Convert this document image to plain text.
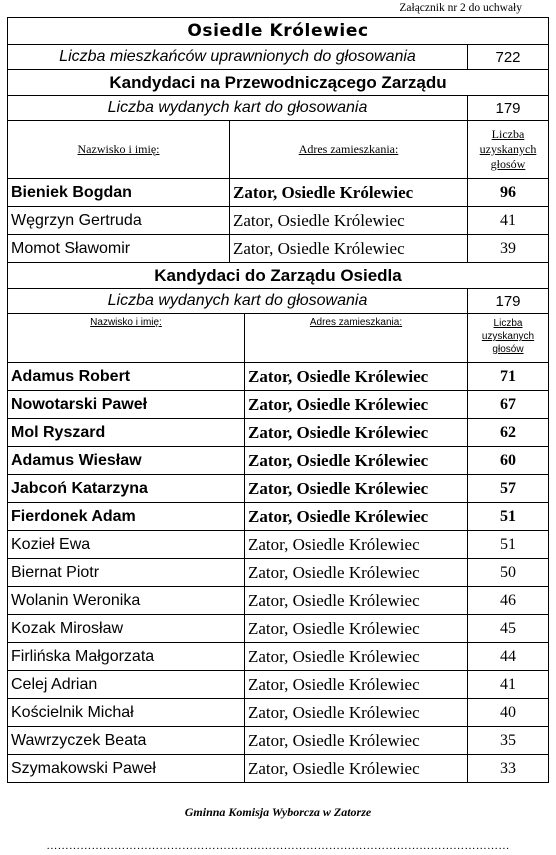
Załącznik nr 2 do uchwały
Osiedle Królewiec			
Liczba mieszkańców uprawnionych do głosowania			722
Kandydaci na Przewodniczącego Zarządu			
Liczba wydanych kart do głosowania			179
Nazwisko i imię:	Adres zamieszkania:		Liczba uzyskanych głosów
Bieniek Bogdan	Zator, Osiedle Królewiec		96
Węgrzyn Gertruda	Zator, Osiedle Królewiec		41
Momot Sławomir	Zator, Osiedle Królewiec		39
Kandydaci do Zarządu Osiedla			
Liczba wydanych kart do głosowania			179
Nazwisko i imię:		Adres zamieszkania:	Liczba uzyskanych głosów
Adamus Robert		Zator, Osiedle Królewiec	71
Nowotarski Paweł		Zator, Osiedle Królewiec	67
Mol Ryszard		Zator, Osiedle Królewiec	62
Adamus Wiesław		Zator, Osiedle Królewiec	60
Jabcoń Katarzyna		Zator, Osiedle Królewiec	57
Fierdonek Adam		Zator, Osiedle Królewiec	51
Kozieł Ewa		Zator, Osiedle Królewiec	51
Biernat Piotr		Zator, Osiedle Królewiec	50
Wolanin Weronika		Zator, Osiedle Królewiec	46
Kozak Mirosław		Zator, Osiedle Królewiec	45
Firlińska Małgorzata		Zator, Osiedle Królewiec	44
Celej Adrian		Zator, Osiedle Królewiec	41
Kościelnik Michał		Zator, Osiedle Królewiec	40
Wawrzyczek Beata		Zator, Osiedle Królewiec	35
Szymakowski Paweł		Zator, Osiedle Królewiec	33
Gminna Komisja Wyborcza w Zatorze
……………………………………………………………………………………………………………
